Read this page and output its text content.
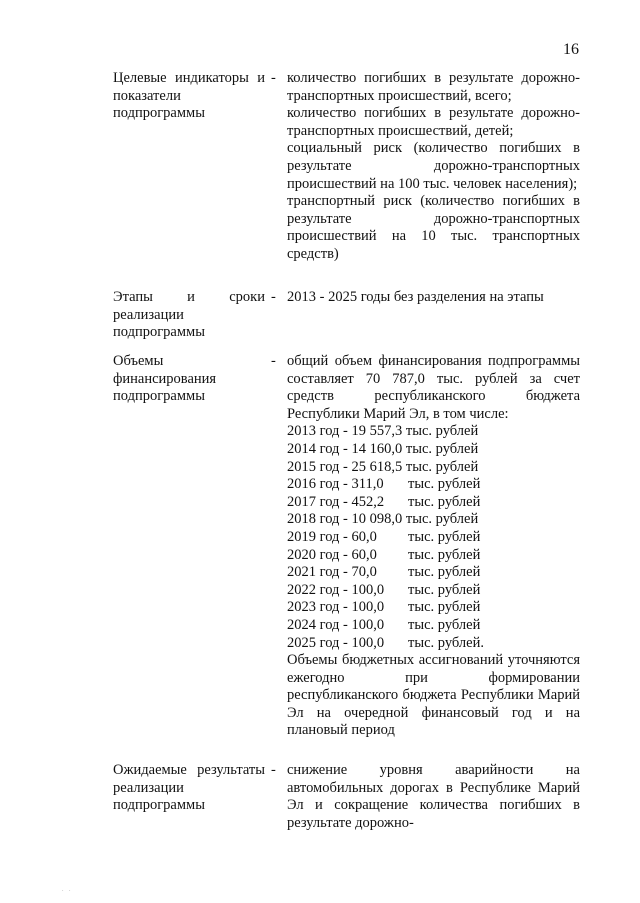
16
Целевые индикаторы и показатели подпрограммы
- количество погибших в результате дорожно-транспортных происшествий, всего;

количество погибших в результате дорожно-транспортных происшествий, детей;

социальный риск (количество погибших в результате дорожно-транспортных происшествий на 100 тыс. человек населения);

транспортный риск (количество погибших в результате дорожно-транспортных происшествий на 10 тыс. транспортных средств)

Этапы и сроки реализации подпрограммы
- 2013 - 2025 годы без разделения на этапы

Объемы финансирования подпрограммы
- общий объем финансирования подпрограммы составляет 70 787,0 тыс. рублей за счет средств республиканского бюджета Республики Марий Эл, в том числе:

2013 год - 19 557,3 тыс. рублей

2014 год - 14 160,0 тыс. рублей

2015 год - 25 618,5 тыс. рублей

2016 год - 311,0 тыс. рублей

2017 год - 452,2 тыс. рублей

2018 год - 10 098,0 тыс. рублей

2019 год - 60,0 тыс. рублей

2020 год - 60,0 тыс. рублей

2021 год - 70,0 тыс. рублей

2022 год - 100,0 тыс. рублей

2023 год - 100,0 тыс. рублей

2024 год - 100,0 тыс. рублей

2025 год - 100,0 тыс. рублей.

Объемы бюджетных ассигнований уточняются ежегодно при формировании республиканского бюджета Республики Марий Эл на очередной финансовый год и на плановый период

Ожидаемые результаты реализации подпрограммы
- снижение уровня аварийности на автомобильных дорогах в Республике Марий Эл и сокращение количества погибших в результате дорожно-

. .
